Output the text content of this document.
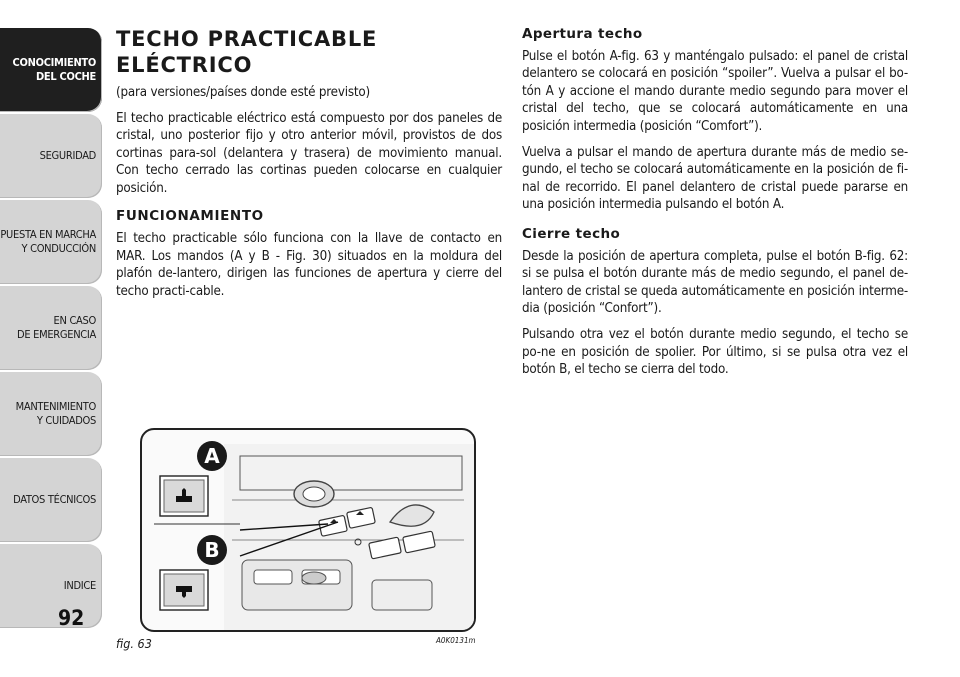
CONOCIMIENTO
DEL COCHE
SEGURIDAD
PUESTA EN MARCHA
Y CONDUCCIÓN
EN CASO
DE EMERGENCIA
MANTENIMIENTO
Y CUIDADOS
DATOS TÉCNICOS
INDICE
92
TECHO PRACTICABLE ELÉCTRICO

(para versiones/países donde esté previsto)

El techo practicable eléctrico está compuesto por dos paneles de cristal, uno posterior fijo y otro anterior móvil, provistos de dos cortinas para-sol (delantera y trasera) de movimiento manual. Con techo cerrado las cortinas pueden colocarse en cualquier posición.

FUNCIONAMIENTO

El techo practicable sólo funciona con la llave de contacto en MAR. Los mandos (A y B - Fig. 30) situados en la moldura del plafón de-lantero, dirigen las funciones de apertura y cierre del techo practi-cable.

Apertura techo

Pulse el botón A-fig. 63 y manténgalo pulsado: el panel de cristal delantero se colocará en posición “spoiler”. Vuelva a pulsar el bo-tón A y accione el mando durante medio segundo para mover el cristal del techo, que se colocará automáticamente en una posición intermedia (posición “Comfort”).

Vuelva a pulsar el mando de apertura durante más de medio se-gundo, el techo se colocará automáticamente en la posición de fi-nal de recorrido. El panel delantero de cristal puede pararse en una posición intermedia pulsando el botón A.

Cierre techo

Desde la posición de apertura completa, pulse el botón B-fig. 62: si se pulsa el botón durante más de medio segundo, el panel de-lantero de cristal se queda automáticamente en posición interme-dia (posición “Confort”).

Pulsando otra vez el botón durante medio segundo, el techo se po-ne en posición de spolier. Por último, si se pulsa otra vez el botón B, el techo se cierra del todo.

A
B
fig. 63	A0K0131m
